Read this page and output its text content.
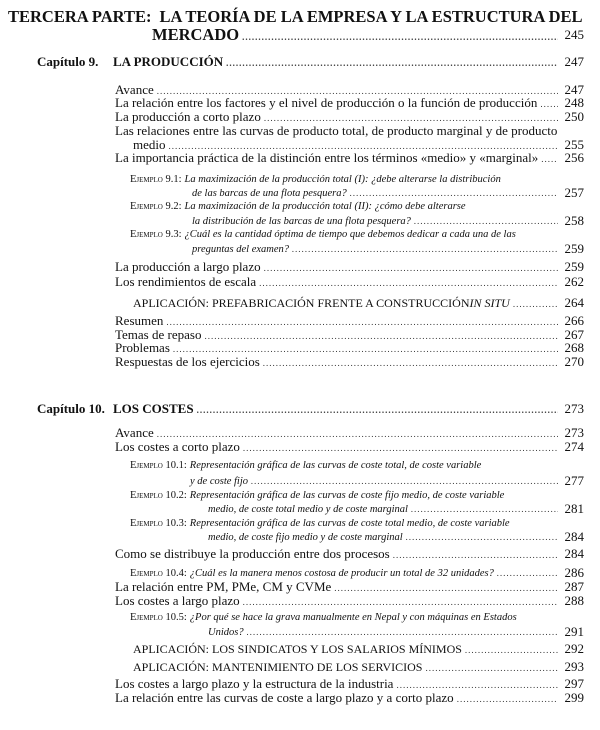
TERCERA PARTE: LA TEORÍA DE LA EMPRESA Y LA ESTRUCTURA DEL
MERCADO .....	245
Capítulo 9. LA PRODUCCIÓN .....	247
Avance .....	247
La relación entre los factores y el nivel de producción o la función de producción ..... 248
La producción a corto plazo .....	250
Las relaciones entre las curvas de producto total, de producto marginal y de producto
medio .....	255
La importancia práctica de la distinción entre los términos «medio» y «marginal» ..... 256
Ejemplo 9.1: La maximización de la producción total (I): ¿debe alterarse la distribución
de las barcas de una flota pesquera? .....	257
Ejemplo 9.2: La maximización de la producción total (II): ¿cómo debe alterarse
la distribución de las barcas de una flota pesquera? .....	258
Ejemplo 9.3: ¿Cuál es la cantidad óptima de tiempo que debemos dedicar a cada una de las
preguntas del examen? .....	259
La producción a largo plazo .....	259
Los rendimientos de escala .....	262
APLICACIÓN: PREFABRICACIÓN FRENTE A CONSTRUCCIÓN IN SITU .....	264
Resumen .....	266
Temas de repaso .....	267
Problemas .....	268
Respuestas de los ejercicios .....	270
Capítulo 10. LOS COSTES .....	273
Avance .....	273
Los costes a corto plazo .....	274
Ejemplo 10.1: Representación gráfica de las curvas de coste total, de coste variable
y de coste fijo .....	277
Ejemplo 10.2: Representación gráfica de las curvas de coste fijo medio, de coste variable
medio, de coste total medio y de coste marginal .....	281
Ejemplo 10.3: Representación gráfica de las curvas de coste total medio, de coste variable
medio, de coste fijo medio y de coste marginal .....	284
Como se distribuye la producción entre dos procesos .....	284
Ejemplo 10.4: ¿Cuál es la manera menos costosa de producir un total de 32 unidades? .....	286
La relación entre PM, PMe, CM y CVMe .....	287
Los costes a largo plazo .....	288
Ejemplo 10.5: ¿Por qué se hace la grava manualmente en Nepal y con máquinas en Estados
Unidos? .....	291
APLICACIÓN: LOS SINDICATOS Y LOS SALARIOS MÍNIMOS .....	292
APLICACIÓN: MANTENIMIENTO DE LOS SERVICIOS .....	293
Los costes a largo plazo y la estructura de la industria .....	297
La relación entre las curvas de coste a largo plazo y a corto plazo .....	299
